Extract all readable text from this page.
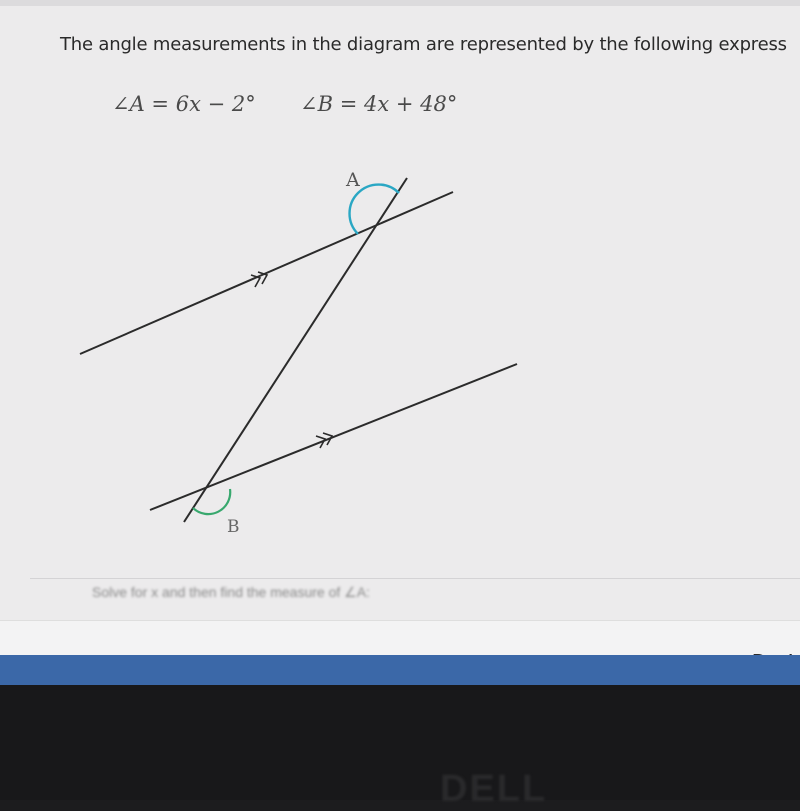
The angle measurements in the diagram are represented by the following express
∠A = 6x − 2° ∠B = 4x + 48°
A
B
Solve for x and then find the measure of ∠A:
DELL
